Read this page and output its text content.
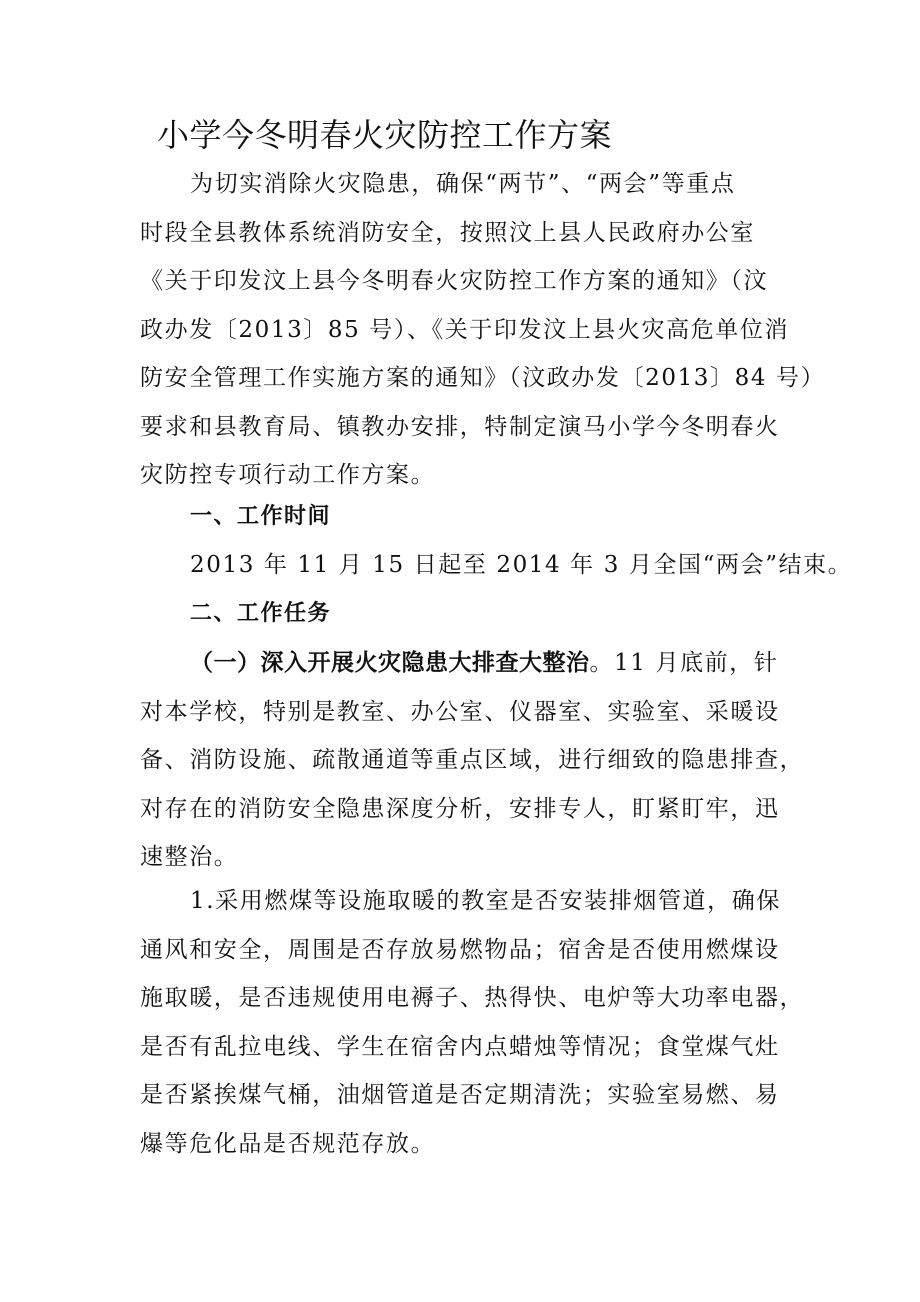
小学今冬明春火灾防控工作方案
为切实消除火灾隐患，确保“两节”、“两会”等重点
时段全县教体系统消防安全，按照汶上县人民政府办公室
《关于印发汶上县今冬明春火灾防控工作方案的通知》（汶
政办发〔2013〕85 号）、《关于印发汶上县火灾高危单位消
防安全管理工作实施方案的通知》（汶政办发〔2013〕84 号）
要求和县教育局、镇教办安排，特制定演马小学今冬明春火
灾防控专项行动工作方案。
一、工作时间
2013 年 11 月 15 日起至 2014 年 3 月全国“两会”结束。
二、工作任务
（一）深入开展火灾隐患大排查大整治。11 月底前，针
对本学校，特别是教室、办公室、仪器室、实验室、采暖设
备、消防设施、疏散通道等重点区域，进行细致的隐患排查，
对存在的消防安全隐患深度分析，安排专人，盯紧盯牢，迅
速整治。
1.采用燃煤等设施取暖的教室是否安装排烟管道，确保
通风和安全，周围是否存放易燃物品；宿舍是否使用燃煤设
施取暖，是否违规使用电褥子、热得快、电炉等大功率电器，
是否有乱拉电线、学生在宿舍内点蜡烛等情况；食堂煤气灶
是否紧挨煤气桶，油烟管道是否定期清洗；实验室易燃、易
爆等危化品是否规范存放。
